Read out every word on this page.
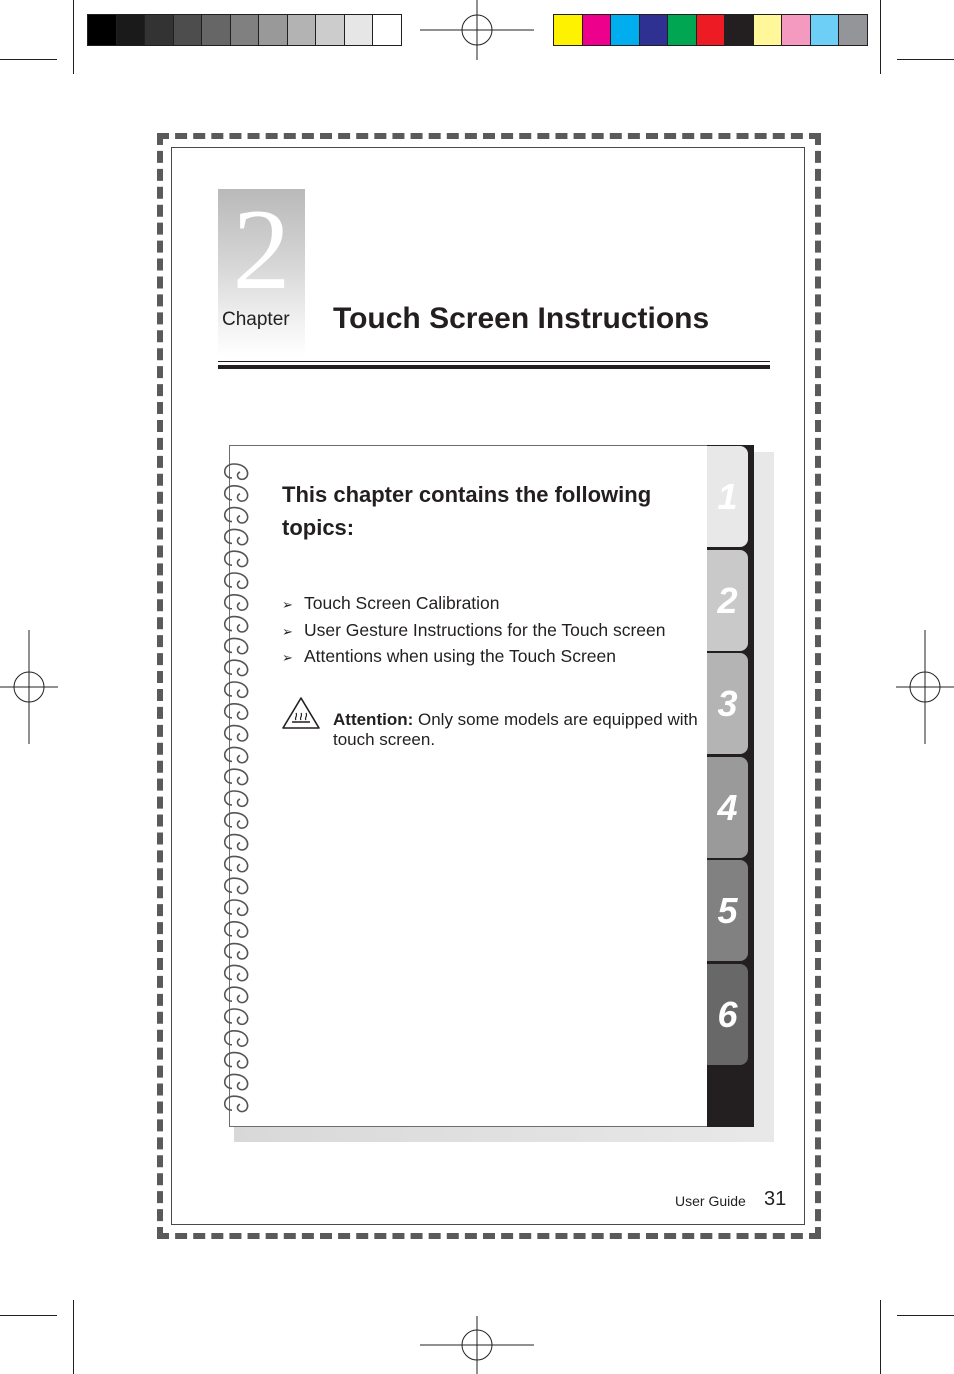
2
Chapter Touch Screen Instructions
1
2
3
4
5
6
This chapter contains the following topics:
➢ Touch Screen Calibration
➢ User Gesture Instructions for the Touch screen
➢ Attentions when using the Touch Screen
Attention: Only some models are equipped with touch screen.
User Guide 31
